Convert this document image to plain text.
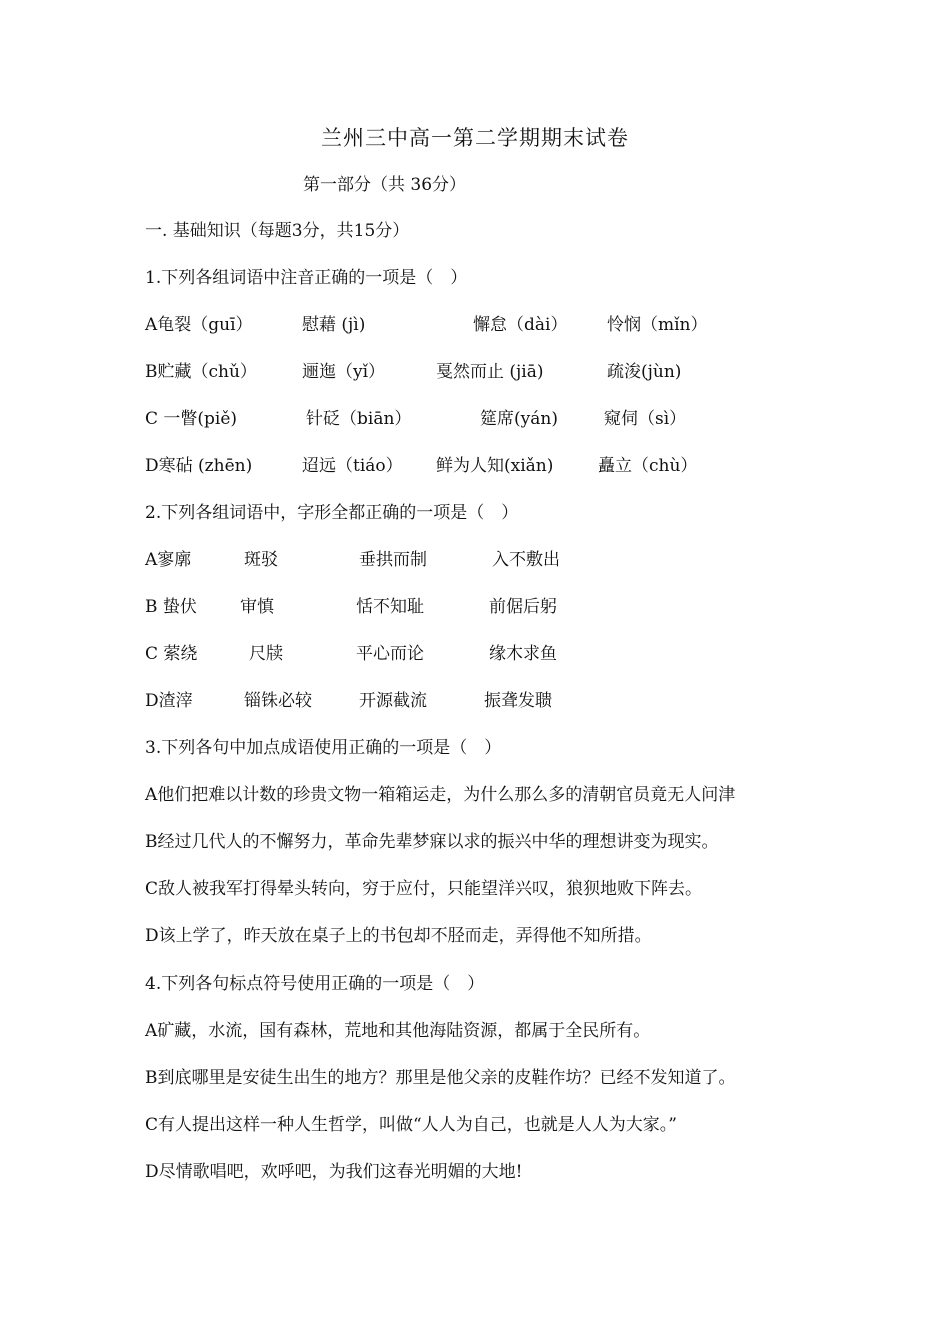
兰州三中高一第二学期期末试卷
第一部分（共 36分）
一. 基础知识（每题3分，共15分）
1.下列各组词语中注音正确的一项是（　）
A龟裂（guī）	慰藉 (jì)	懈怠（dài） 怜悯（mǐn）
B贮藏（chǔ）	逦迤（yǐ）	戛然而止 (jiā)	疏浚(jùn)
C 一瞥(piě)	针砭（biān）	筵席(yán)	窥伺（sì）
D寒砧 (zhēn)	迢远（tiáo） 鲜为人知(xiǎn)	矗立（chù）
2.下列各组词语中，字形全都正确的一项是（　）
A寥廓	斑驳	垂拱而制	入不敷出
B 蛰伏	审慎	恬不知耻	前倨后躬
C 萦绕	尺牍	平心而论	缘木求鱼
D渣滓	锱铢必较	开源截流	振聋发聩
3.下列各句中加点成语使用正确的一项是（　）
A他们把难以计数的珍贵文物一箱箱运走，为什么那么多的清朝官员竟无人问津
B经过几代人的不懈努力，革命先辈梦寐以求的振兴中华的理想讲变为现实。
C敌人被我军打得晕头转向，穷于应付，只能望洋兴叹，狼狈地败下阵去。
D该上学了，昨天放在桌子上的书包却不胫而走，弄得他不知所措。
4.下列各句标点符号使用正确的一项是（　）
A矿藏，水流，国有森林，荒地和其他海陆资源，都属于全民所有。
B到底哪里是安徒生出生的地方？那里是他父亲的皮鞋作坊？已经不发知道了。
C有人提出这样一种人生哲学，叫做“人人为自己，也就是人人为大家。”
D尽情歌唱吧，欢呼吧，为我们这春光明媚的大地!
